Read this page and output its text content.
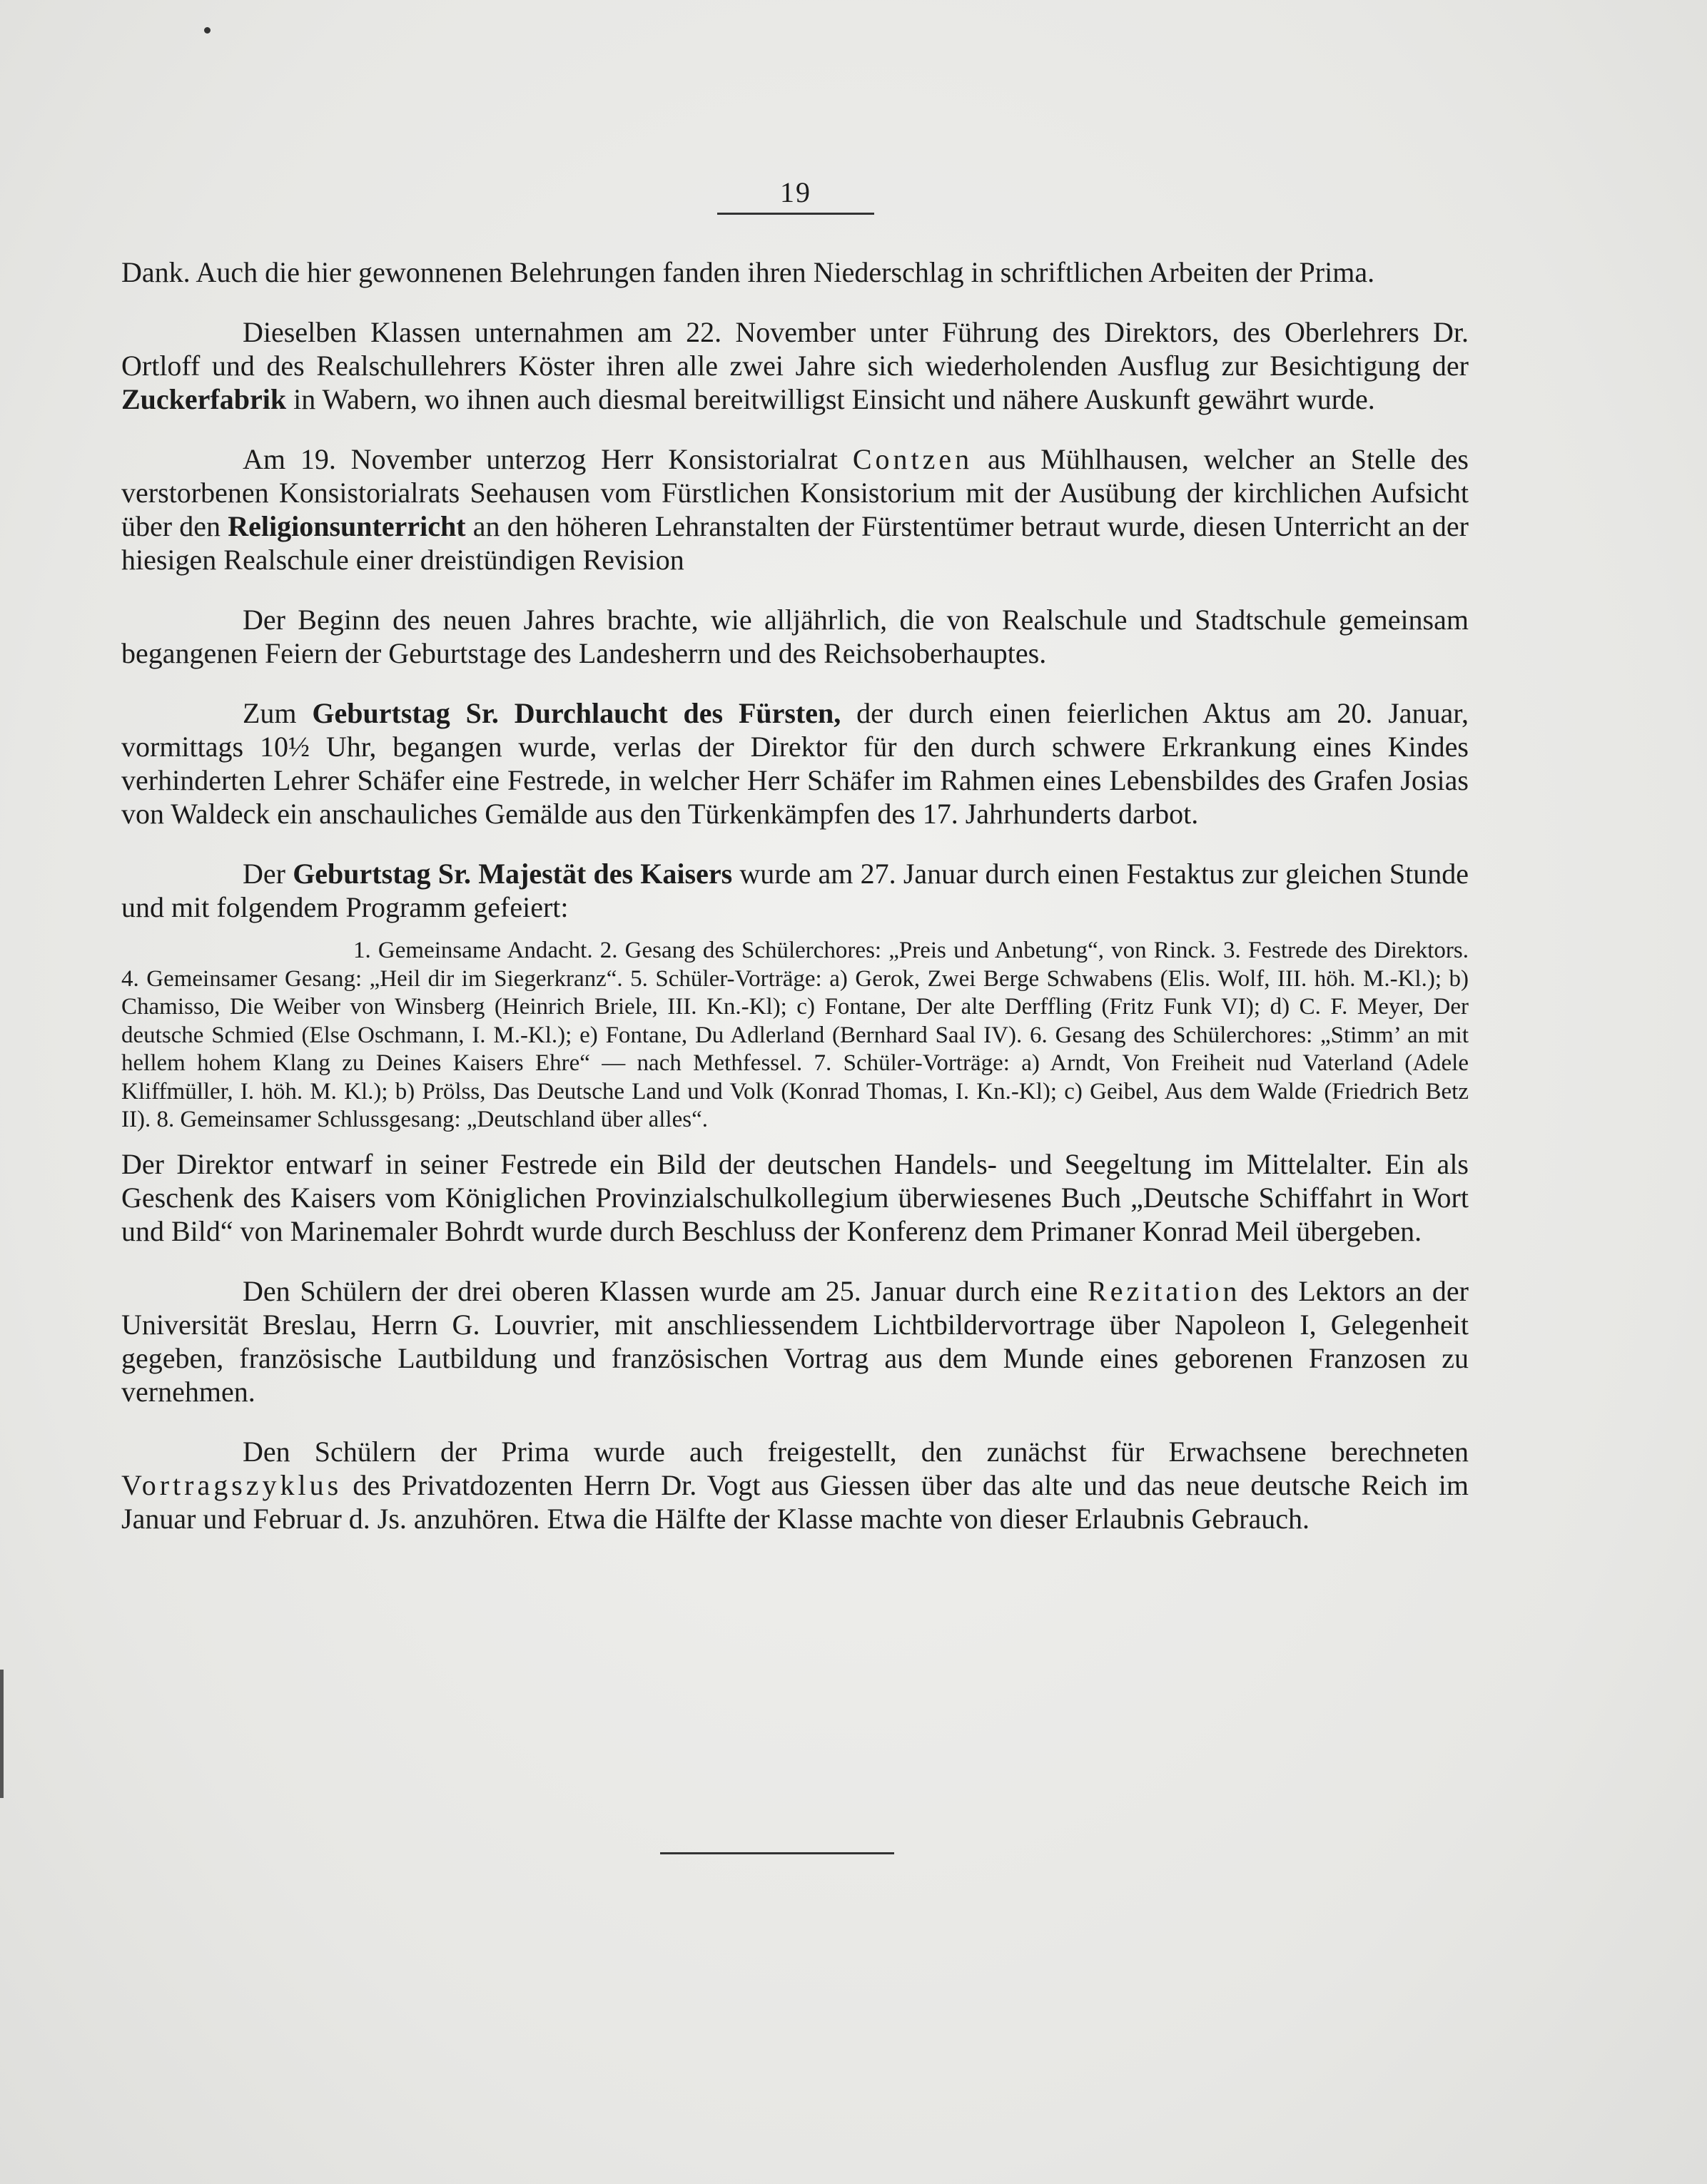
19

Dank. Auch die hier gewonnenen Belehrungen fanden ihren Niederschlag in schriftlichen Arbeiten der Prima.

Dieselben Klassen unternahmen am 22. November unter Führung des Direktors, des Oberlehrers Dr. Ortloff und des Realschullehrers Köster ihren alle zwei Jahre sich wiederholenden Ausflug zur Besichtigung der Zuckerfabrik in Wabern, wo ihnen auch diesmal bereitwilligst Einsicht und nähere Auskunft gewährt wurde.

Am 19. November unterzog Herr Konsistorialrat Contzen aus Mühlhausen, welcher an Stelle des verstorbenen Konsistorialrats Seehausen vom Fürstlichen Konsistorium mit der Ausübung der kirchlichen Aufsicht über den Religionsunterricht an den höheren Lehranstalten der Fürstentümer betraut wurde, diesen Unterricht an der hiesigen Realschule einer dreistündigen Revision

Der Beginn des neuen Jahres brachte, wie alljährlich, die von Realschule und Stadtschule gemeinsam begangenen Feiern der Geburtstage des Landesherrn und des Reichsoberhauptes.

Zum Geburtstag Sr. Durchlaucht des Fürsten, der durch einen feierlichen Aktus am 20. Januar, vormittags 10½ Uhr, begangen wurde, verlas der Direktor für den durch schwere Erkrankung eines Kindes verhinderten Lehrer Schäfer eine Festrede, in welcher Herr Schäfer im Rahmen eines Lebensbildes des Grafen Josias von Waldeck ein anschauliches Gemälde aus den Türkenkämpfen des 17. Jahrhunderts darbot.

Der Geburtstag Sr. Majestät des Kaisers wurde am 27. Januar durch einen Festaktus zur gleichen Stunde und mit folgendem Programm gefeiert:

1. Gemeinsame Andacht. 2. Gesang des Schülerchores: „Preis und Anbetung“, von Rinck. 3. Festrede des Direktors. 4. Gemeinsamer Gesang: „Heil dir im Siegerkranz“. 5. Schüler-Vorträge: a) Gerok, Zwei Berge Schwabens (Elis. Wolf, III. höh. M.-Kl.); b) Chamisso, Die Weiber von Winsberg (Heinrich Briele, III. Kn.-Kl); c) Fontane, Der alte Derffling (Fritz Funk VI); d) C. F. Meyer, Der deutsche Schmied (Else Oschmann, I. M.-Kl.); e) Fontane, Du Adlerland (Bernhard Saal IV). 6. Gesang des Schülerchores: „Stimm’ an mit hellem hohem Klang zu Deines Kaisers Ehre“ — nach Methfessel. 7. Schüler-Vorträge: a) Arndt, Von Freiheit nud Vaterland (Adele Kliffmüller, I. höh. M. Kl.); b) Prölss, Das Deutsche Land und Volk (Konrad Thomas, I. Kn.-Kl); c) Geibel, Aus dem Walde (Friedrich Betz II). 8. Gemeinsamer Schlussgesang: „Deutschland über alles“.

Der Direktor entwarf in seiner Festrede ein Bild der deutschen Handels- und Seegeltung im Mittelalter. Ein als Geschenk des Kaisers vom Königlichen Provinzialschulkollegium überwiesenes Buch „Deutsche Schiffahrt in Wort und Bild“ von Marinemaler Bohrdt wurde durch Beschluss der Konferenz dem Primaner Konrad Meil übergeben.

Den Schülern der drei oberen Klassen wurde am 25. Januar durch eine Rezitation des Lektors an der Universität Breslau, Herrn G. Louvrier, mit anschliessendem Lichtbildervortrage über Napoleon I, Gelegenheit gegeben, französische Lautbildung und französischen Vortrag aus dem Munde eines geborenen Franzosen zu vernehmen.

Den Schülern der Prima wurde auch freigestellt, den zunächst für Erwachsene berechneten Vortragszyklus des Privatdozenten Herrn Dr. Vogt aus Giessen über das alte und das neue deutsche Reich im Januar und Februar d. Js. anzuhören. Etwa die Hälfte der Klasse machte von dieser Erlaubnis Gebrauch.
